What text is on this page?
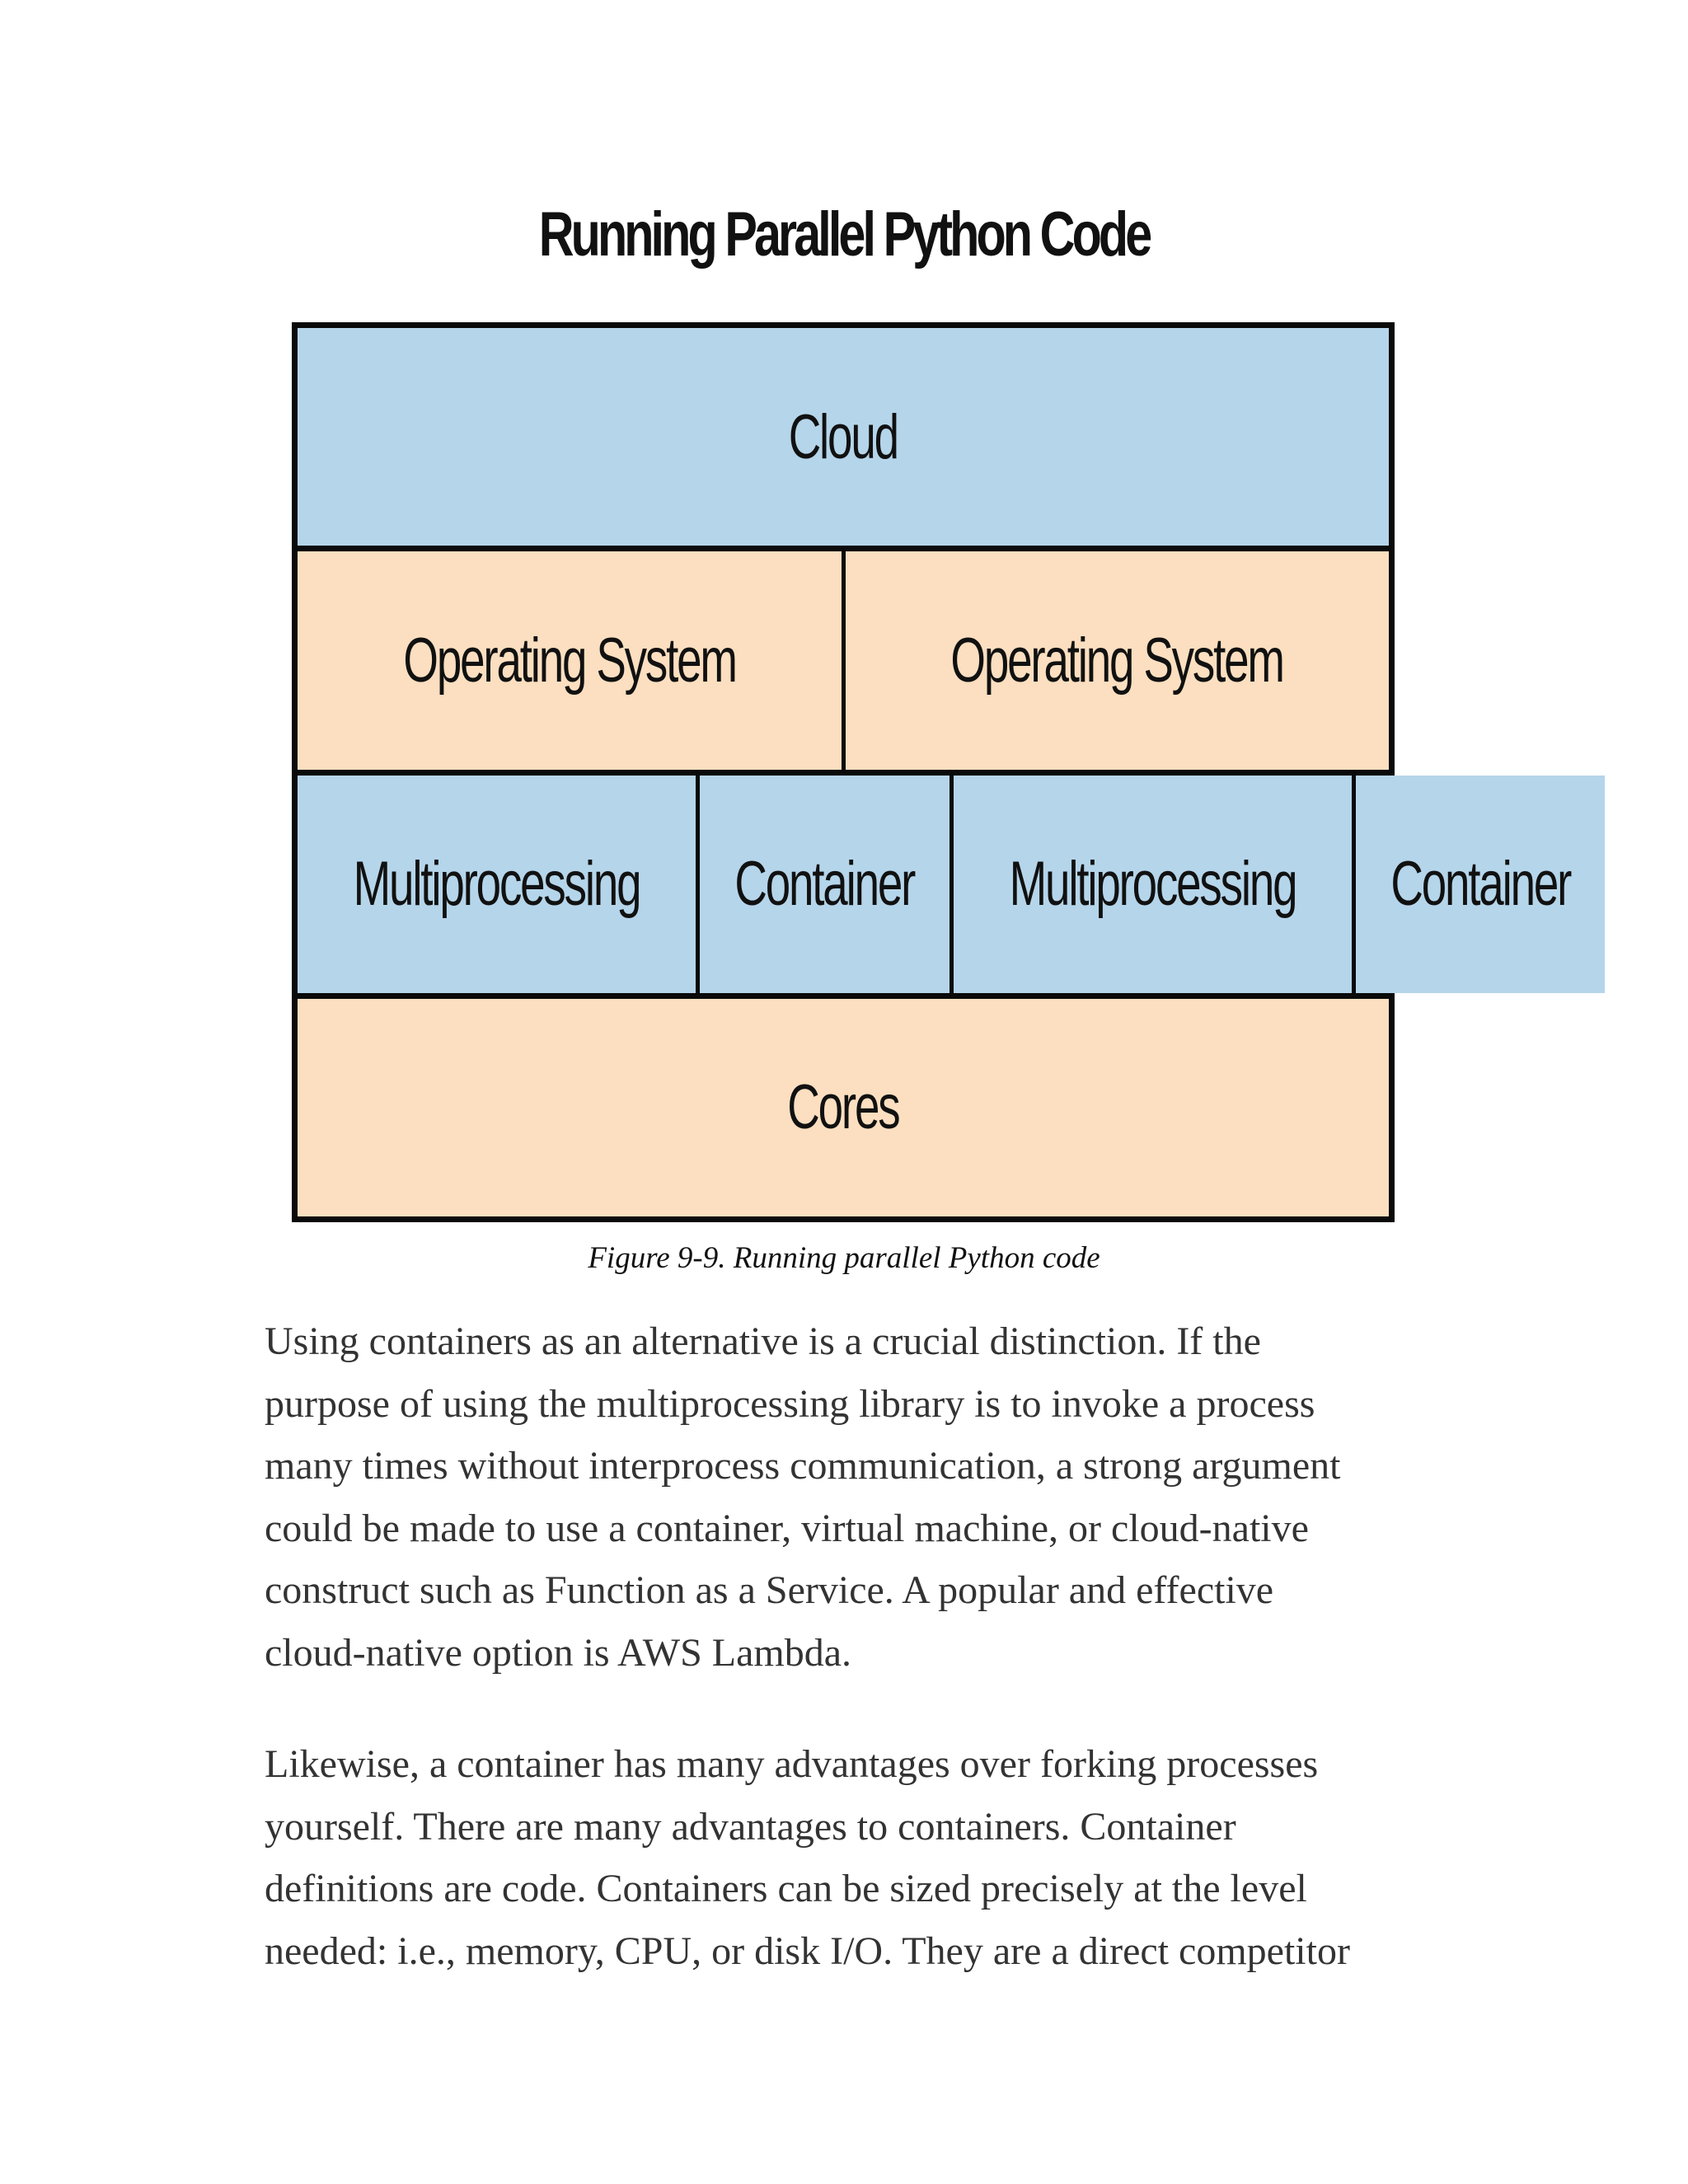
Running Parallel Python Code
Cloud
Operating System	Operating System
Multiprocessing Container Multiprocessing Container
Cores
Figure 9-9. Running parallel Python code

Using containers as an alternative is a crucial distinction. If the
purpose of using the multiprocessing library is to invoke a process
many times without interprocess communication, a strong argument
could be made to use a container, virtual machine, or cloud-native
construct such as Function as a Service. A popular and effective
cloud-native option is AWS Lambda.

Likewise, a container has many advantages over forking processes
yourself. There are many advantages to containers. Container
definitions are code. Containers can be sized precisely at the level
needed: i.e., memory, CPU, or disk I/O. They are a direct competitor
